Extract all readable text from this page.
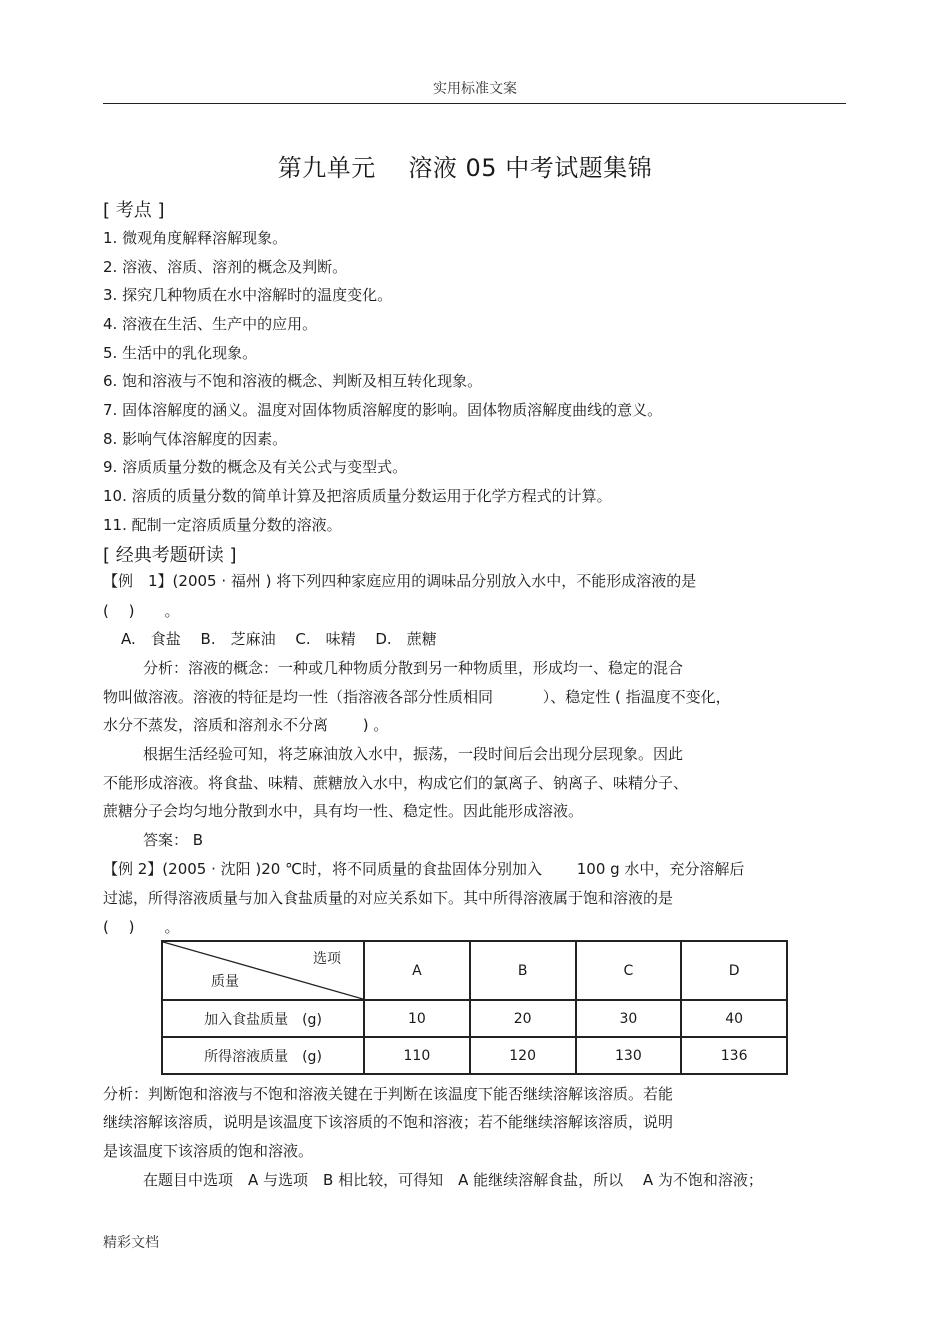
实用标准文案
第九单元　 溶液 05 中考试题集锦
[ 考点 ]
1. 微观角度解释溶解现象。
2. 溶液、溶质、溶剂的概念及判断。
3. 探究几种物质在水中溶解时的温度变化。
4. 溶液在生活、生产中的应用。
5. 生活中的乳化现象。
6. 饱和溶液与不饱和溶液的概念、判断及相互转化现象。
7. 固体溶解度的涵义。温度对固体物质溶解度的影响。固体物质溶解度曲线的意义。
8. 影响气体溶解度的因素。
9. 溶质质量分数的概念及有关公式与变型式。
10. 溶质的质量分数的简单计算及把溶质质量分数运用于化学方程式的计算。
11. 配制一定溶质质量分数的溶液。
[ 经典考题研读 ]
【例　1】(2005 · 福州 ) 将下列四种家庭应用的调味品分别放入水中，不能形成溶液的是
(　 )　　。
A.　食盐　 B.　芝麻油　 C.　味精　 D.　蔗糖
分析：溶液的概念：一种或几种物质分散到另一种物质里，形成均一、稳定的混合
物叫做溶液。溶液的特征是均一性（指溶液各部分性质相同　　　 ）、稳定性 ( 指温度不变化，
水分不蒸发，溶质和溶剂永不分离　　 ) 。
根据生活经验可知，将芝麻油放入水中，振荡，一段时间后会出现分层现象。因此
不能形成溶液。将食盐、味精、蔗糖放入水中，构成它们的氯离子、钠离子、味精分子、
蔗糖分子会均匀地分散到水中，具有均一性、稳定性。因此能形成溶液。
答案： B
【例 2】(2005 · 沈阳 )20 ℃时，将不同质量的食盐固体分别加入　　 100 g 水中，充分溶解后
过滤，所得溶液质量与加入食盐质量的对应关系如下。其中所得溶液属于饱和溶液的是
(　 )　　。
选项
质量	A	B	C	D
加入食盐质量　(g)	10	20	30	40
所得溶液质量　(g)	110	120	130	136
分析：判断饱和溶液与不饱和溶液关键在于判断在该温度下能否继续溶解该溶质。若能
继续溶解该溶质，说明是该温度下该溶质的不饱和溶液；若不能继续溶解该溶质，说明
是该温度下该溶质的饱和溶液。
在题目中选项　A 与选项　B 相比较，可得知　A 能继续溶解食盐，所以　 A 为不饱和溶液；
精彩文档
